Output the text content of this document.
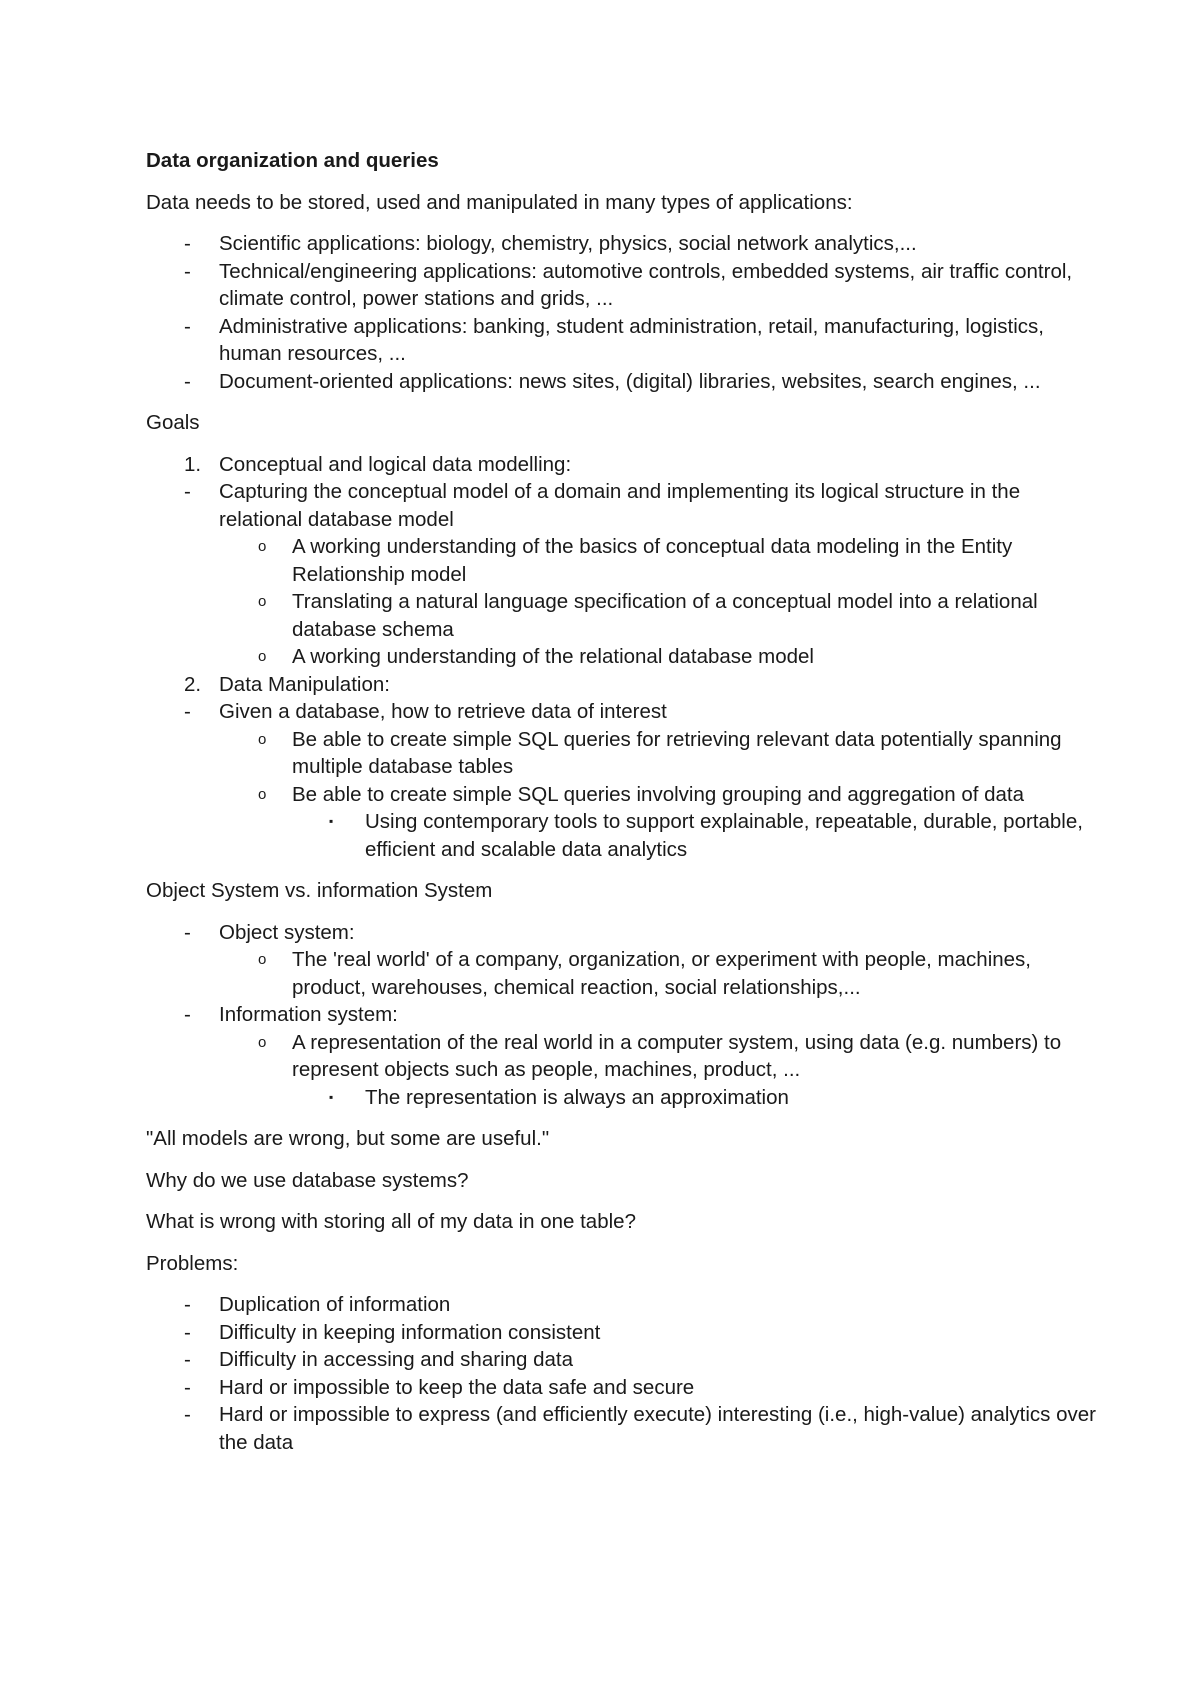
Data organization and queries
Data needs to be stored, used and manipulated in many types of applications:
- Scientific applications: biology, chemistry, physics, social network analytics,...
- Technical/engineering applications: automotive controls, embedded systems, air traffic control, climate control, power stations and grids, ...
- Administrative applications: banking, student administration, retail, manufacturing, logistics, human resources, ...
- Document-oriented applications: news sites, (digital) libraries, websites, search engines, ...
Goals
1. Conceptual and logical data modelling:
- Capturing the conceptual model of a domain and implementing its logical structure in the relational database model
o A working understanding of the basics of conceptual data modeling in the Entity Relationship model
o Translating a natural language specification of a conceptual model into a relational database schema
o A working understanding of the relational database model
2. Data Manipulation:
- Given a database, how to retrieve data of interest
o Be able to create simple SQL queries for retrieving relevant data potentially spanning multiple database tables
o Be able to create simple SQL queries involving grouping and aggregation of data
▪ Using contemporary tools to support explainable, repeatable, durable, portable, efficient and scalable data analytics
Object System vs. information System
- Object system:
o The 'real world' of a company, organization, or experiment with people, machines, product, warehouses, chemical reaction, social relationships,...
- Information system:
o A representation of the real world in a computer system, using data (e.g. numbers) to represent objects such as people, machines, product, ...
▪ The representation is always an approximation
"All models are wrong, but some are useful."
Why do we use database systems?
What is wrong with storing all of my data in one table?
Problems:
- Duplication of information
- Difficulty in keeping information consistent
- Difficulty in accessing and sharing data
- Hard or impossible to keep the data safe and secure
- Hard or impossible to express (and efficiently execute) interesting (i.e., high-value) analytics over the data
